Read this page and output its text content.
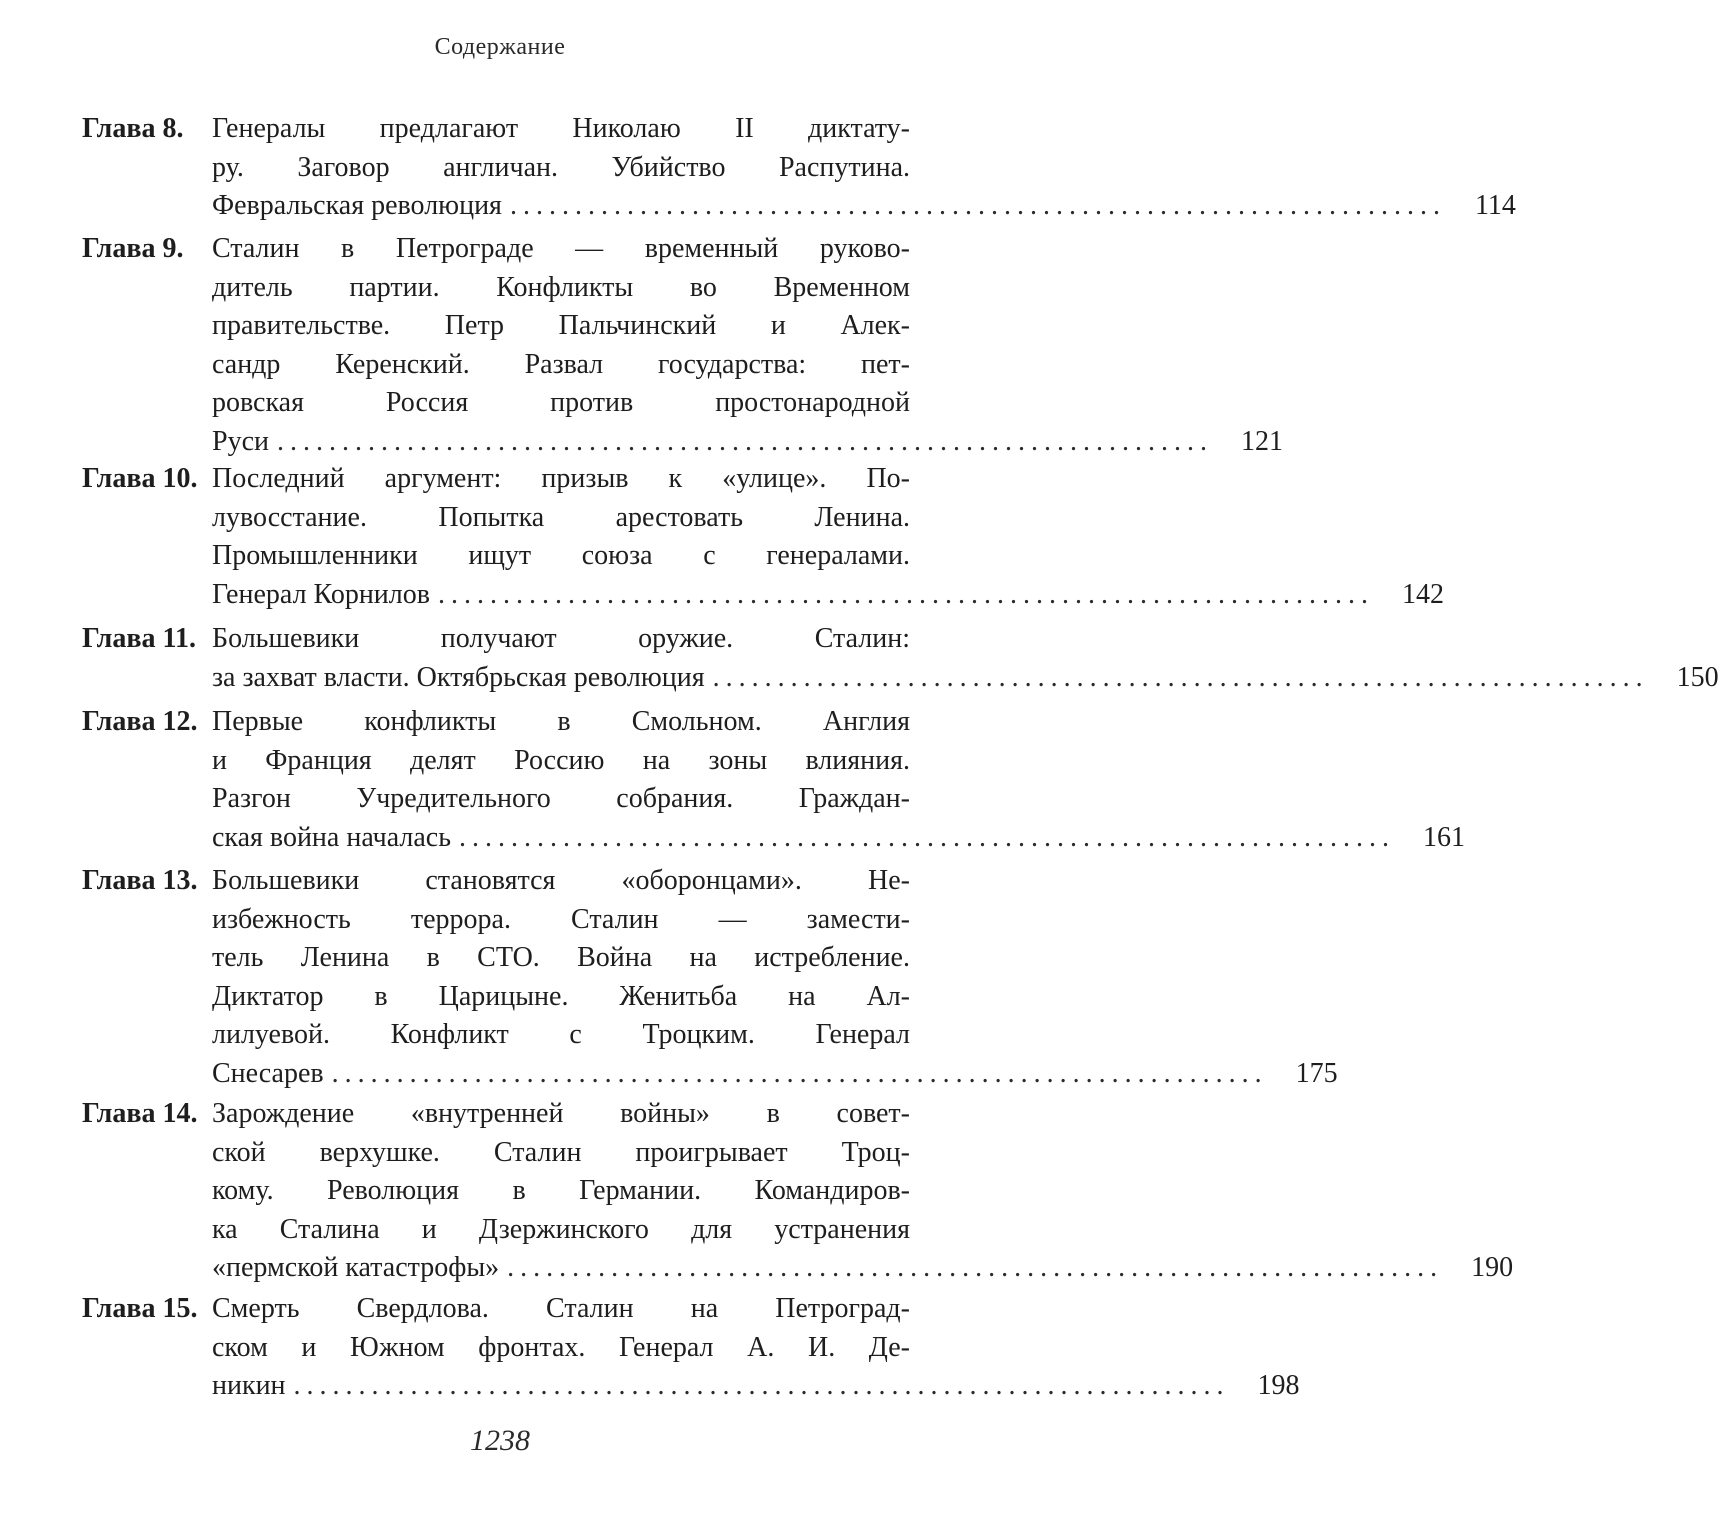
Содержание
Глава 8. Генералы предлагают Николаю II диктату-
ру. Заговор англичан. Убийство Распутина.
Февральская революция ........................................................................	114
Глава 9. Сталин в Петрограде — временный руково-
дитель партии. Конфликты во Временном
правительстве. Петр Пальчинский и Алек-
сандр Керенский. Развал государства: пет-
ровская Россия против простонародной
Руси ........................................................................	121
Глава 10. Последний аргумент: призыв к «улице». По-
лувосстание. Попытка арестовать Ленина.
Промышленники ищут союза с генералами.
Генерал Корнилов ........................................................................	142
Глава 11. Большевики получают оружие. Сталин:
за захват власти. Октябрьская революция ........................................................................	150
Глава 12. Первые конфликты в Смольном. Англия
и Франция делят Россию на зоны влияния.
Разгон Учредительного собрания. Граждан-
ская война началась ........................................................................	161
Глава 13. Большевики становятся «оборонцами». Не-
избежность террора. Сталин — замести-
тель Ленина в СТО. Война на истребление.
Диктатор в Царицыне. Женитьба на Ал-
лилуевой. Конфликт с Троцким. Генерал
Снесарев ........................................................................	175
Глава 14. Зарождение «внутренней войны» в совет-
ской верхушке. Сталин проигрывает Троц-
кому. Революция в Германии. Командиров-
ка Сталина и Дзержинского для устранения
«пермской катастрофы» ........................................................................	190
Глава 15. Смерть Свердлова. Сталин на Петроград-
ском и Южном фронтах. Генерал А. И. Де-
никин ........................................................................	198
1238
